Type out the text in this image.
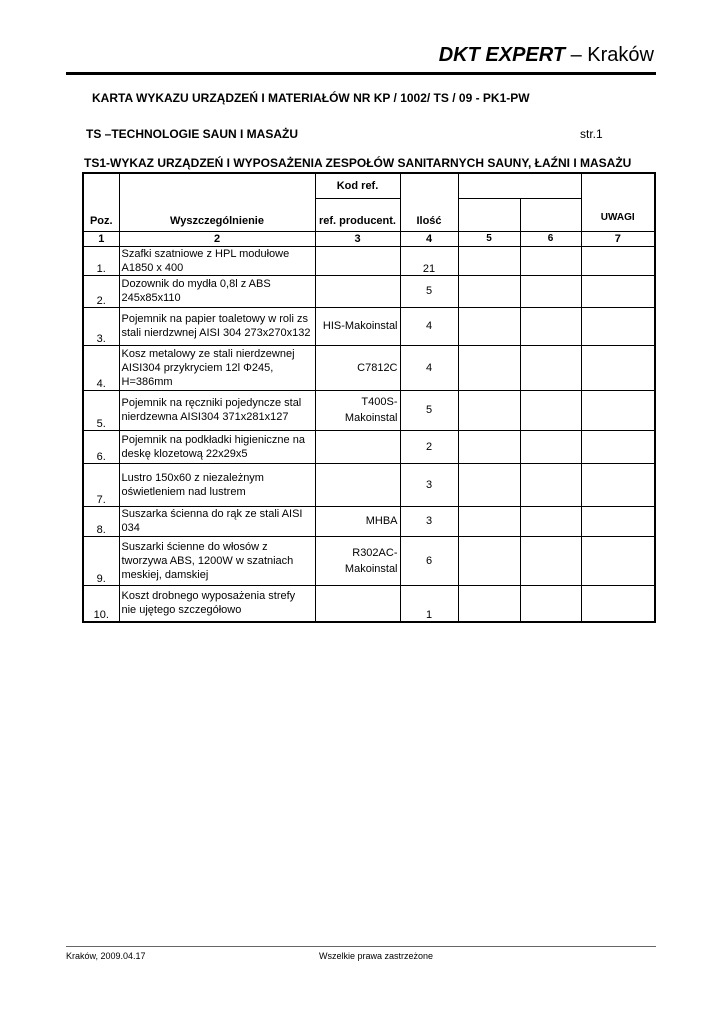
DKT EXPERT – Kraków
KARTA WYKAZU URZĄDZEŃ I MATERIAŁÓW NR KP / 1002/ TS / 09 - PK1-PW
TS –TECHNOLOGIE SAUN I MASAŻU	str.1
TS1-WYKAZ URZĄDZEŃ I WYPOSAŻENIA ZESPOŁÓW SANITARNYCH SAUNY, ŁAŹNI I MASAŻU
Poz.	Wyszczególnienie	Kod ref.	Ilość			UWAGI
		ref. producent.				
1	2	3	4	5	6	7
1.	Szafki szatniowe z HPL modułowe A1850 x 400		21			
2.	Dozownik do mydła 0,8l z ABS 245x85x110		5			
3.	Pojemnik na papier toaletowy w roli zs stali nierdzwnej AISI 304 273x270x132	HIS-Makoinstal	4			
4.	Kosz metalowy ze stali nierdzewnej AISI304 przykryciem 12l Φ245, H=386mm	C7812C	4			
5.	Pojemnik na ręczniki pojedyncze stal nierdzewna AISI304 371x281x127	T400S-Makoinstal	5			
6.	Pojemnik na podkładki higieniczne na deskę klozetową 22x29x5		2			
7.	Lustro 150x60 z niezależnym oświetleniem nad lustrem		3			
8.	Suszarka ścienna do rąk ze stali AISI 034	MHBA	3			
9.	Suszarki ścienne do włosów z tworzywa ABS, 1200W w szatniach meskiej, damskiej	R302AC-Makoinstal	6			
10.	Koszt drobnego wyposażenia strefy nie ujętego szczegółowo		1			
Kraków, 2009.04.17	Wszelkie prawa zastrzeżone
